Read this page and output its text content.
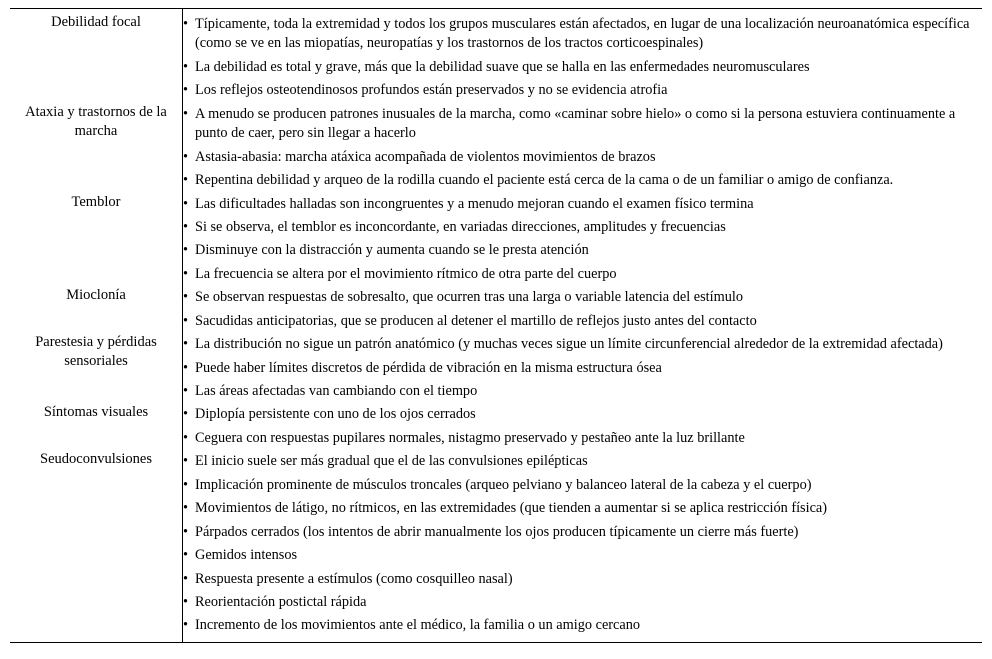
Debilidad focal	
•Típicamente, toda la extremidad y todos los grupos musculares están afectados, en lugar de una localización neuroanatómica específica (como se ve en las miopatías, neuropatías y los trastornos de los tractos corticoespinales)
• La debilidad es total y grave, más que la debilidad suave que se halla en las enfermedades neuromusculares
• Los reflejos osteotendinosos profundos están preservados y no se evidencia atrofia

Ataxia y trastornos de la marcha	
• A menudo se producen patrones inusuales de la marcha, como «caminar sobre hielo» o como si la persona estuviera continuamente a punto de caer, pero sin llegar a hacerlo
• Astasia-abasia: marcha atáxica acompañada de violentos movimientos de brazos
• Repentina debilidad y arqueo de la rodilla cuando el paciente está cerca de la cama o de un familiar o amigo de confianza.

Temblor	
•Las dificultades halladas son incongruentes y a menudo mejoran cuando el examen físico termina
• Si se observa, el temblor es inconcordante, en variadas direcciones, amplitudes y frecuencias
• Disminuye con la distracción y aumenta cuando se le presta atención
• La frecuencia se altera por el movimiento rítmico de otra parte del cuerpo

Mioclonía	
•Se observan respuestas de sobresalto, que ocurren tras una larga o variable latencia del estímulo
• Sacudidas anticipatorias, que se producen al detener el martillo de reflejos justo antes del contacto

Parestesia y pérdidas sensoriales	
• La distribución no sigue un patrón anatómico (y muchas veces sigue un límite circunferencial alrededor de la extremidad afectada)
• Puede haber límites discretos de pérdida de vibración en la misma estructura ósea
• Las áreas afectadas van cambiando con el tiempo

Síntomas visuales	
•Diplopía persistente con uno de los ojos cerrados
• Ceguera con respuestas pupilares normales, nistagmo preservado y pestañeo ante la luz brillante

Seudoconvulsiones	
•El inicio suele ser más gradual que el de las convulsiones epilépticas
• Implicación prominente de músculos troncales (arqueo pelviano y balanceo lateral de la cabeza y el cuerpo)
• Movimientos de látigo, no rítmicos, en las extremidades (que tienden a aumentar si se aplica restricción física)
• Párpados cerrados (los intentos de abrir manualmente los ojos producen típicamente un cierre más fuerte)
• Gemidos intensos
• Respuesta presente a estímulos (como cosquilleo nasal)
• Reorientación postictal rápida
• Incremento de los movimientos ante el médico, la familia o un amigo cercano
